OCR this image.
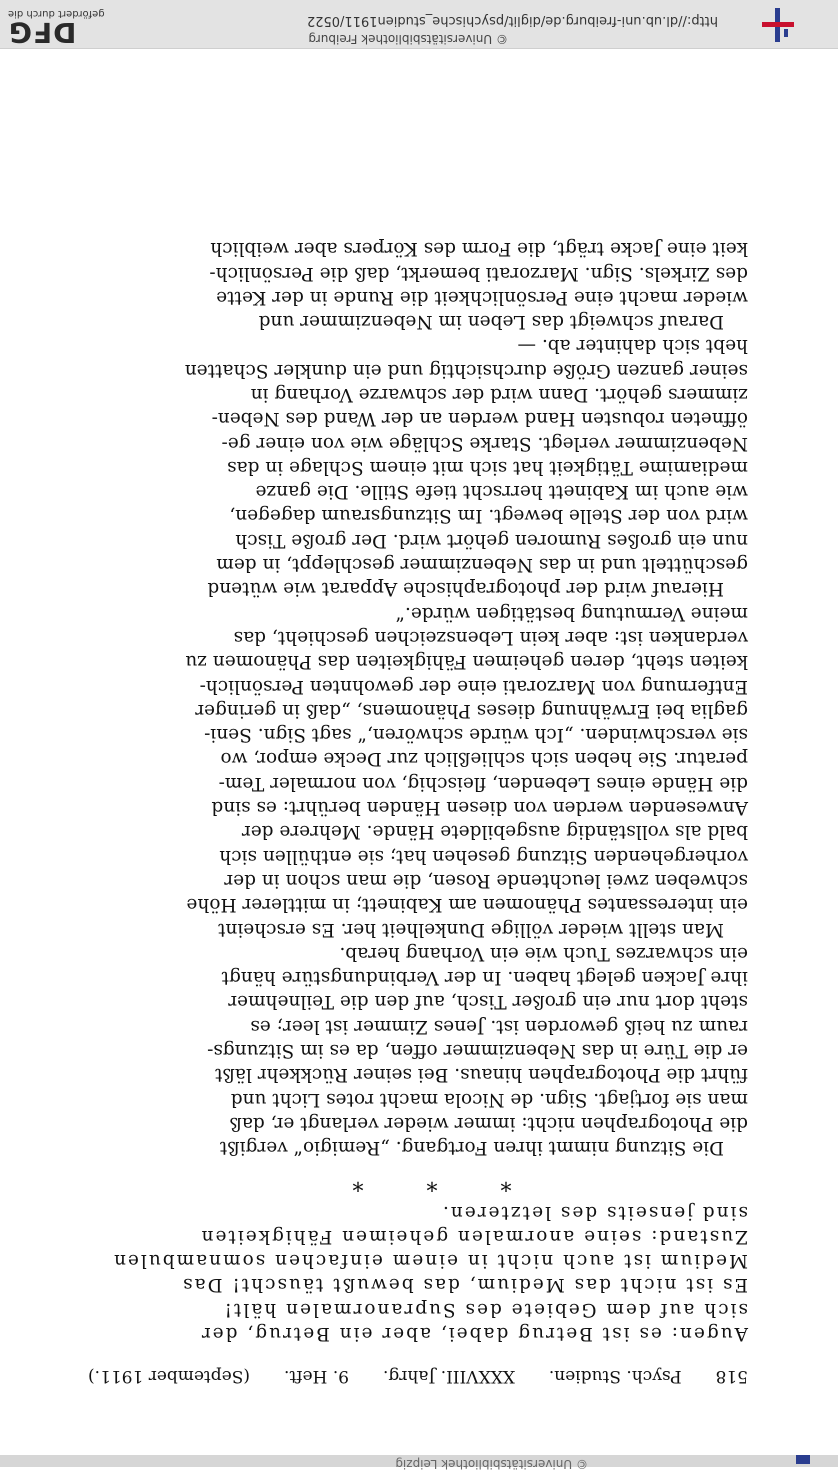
© Universitätsbibliothek Leipzig
518
Psych. Studien.
XXXVIII. Jahrg.
9. Heft.
(September 1911.)

Augen: es ist Betrug dabei, aber ein Betrug, der
sich auf dem Gebiete des Supranormalen hält!
Es ist nicht das Medium, das bewußt täuscht! Das
Medium ist auch nicht in einem einfachen somnambulen
Zustand: seine anormalen geheimen Fähigkeiten
sind jenseits des letzteren.

* * *

Die Sitzung nimmt ihren Fortgang. „Remigio“ vergißt
die Photographen nicht: immer wieder verlangt er, daß
man sie fortjagt. Sign. de Nicola macht rotes Licht und
führt die Photographen hinaus. Bei seiner Rückkehr läßt
er die Türe in das Nebenzimmer offen, da es im Sitzungs-
raum zu heiß geworden ist. Jenes Zimmer ist leer; es
steht dort nur ein großer Tisch, auf den die Teilnehmer
ihre Jacken gelegt haben. In der Verbindungstüre hängt
ein schwarzes Tuch wie ein Vorhang herab.

Man stellt wieder völlige Dunkelheit her. Es erscheint
ein interessantes Phänomen am Kabinett; in mittlerer Höhe
schweben zwei leuchtende Rosen, die man schon in der
vorhergehenden Sitzung gesehen hat; sie enthüllen sich
bald als vollständig ausgebildete Hände. Mehrere der
Anwesenden werden von diesen Händen berührt: es sind
die Hände eines Lebenden, fleischig, von normaler Tem-
peratur. Sie heben sich schließlich zur Decke empor, wo
sie verschwinden. „Ich würde schwören,“ sagt Sign. Seni-
gaglia bei Erwähnung dieses Phänomens, „daß in geringer
Entfernung von Marzorati eine der gewohnten Persönlich-
keiten steht, deren geheimen Fähigkeiten das Phänomen zu
verdanken ist: aber kein Lebenszeichen geschieht, das
meine Vermutung bestätigen würde.“

Hierauf wird der photographische Apparat wie wütend
geschüttelt und in das Nebenzimmer geschleppt, in dem
nun ein großes Rumoren gehört wird. Der große Tisch
wird von der Stelle bewegt. Im Sitzungsraum dagegen,
wie auch im Kabinett herrscht tiefe Stille. Die ganze
mediamime Tätigkeit hat sich mit einem Schlage in das
Nebenzimmer verlegt. Starke Schläge wie von einer ge-
öffneten robusten Hand werden an der Wand des Neben-
zimmers gehört. Dann wird der schwarze Vorhang in
seiner ganzen Größe durchsichtig und ein dunkler Schatten
hebt sich dahinter ab. —

Darauf schweigt das Leben im Nebenzimmer und
wieder macht eine Persönlichkeit die Runde in der Kette
des Zirkels. Sign. Marzorati bemerkt, daß die Persönlich-
keit eine Jacke trägt, die Form des Körpers aber weiblich

© Universitätsbibliothek Freiburg
http://dl.ub.uni-freiburg.de/diglit/psychische_studien1911/0522
DFG
gefördert durch die
